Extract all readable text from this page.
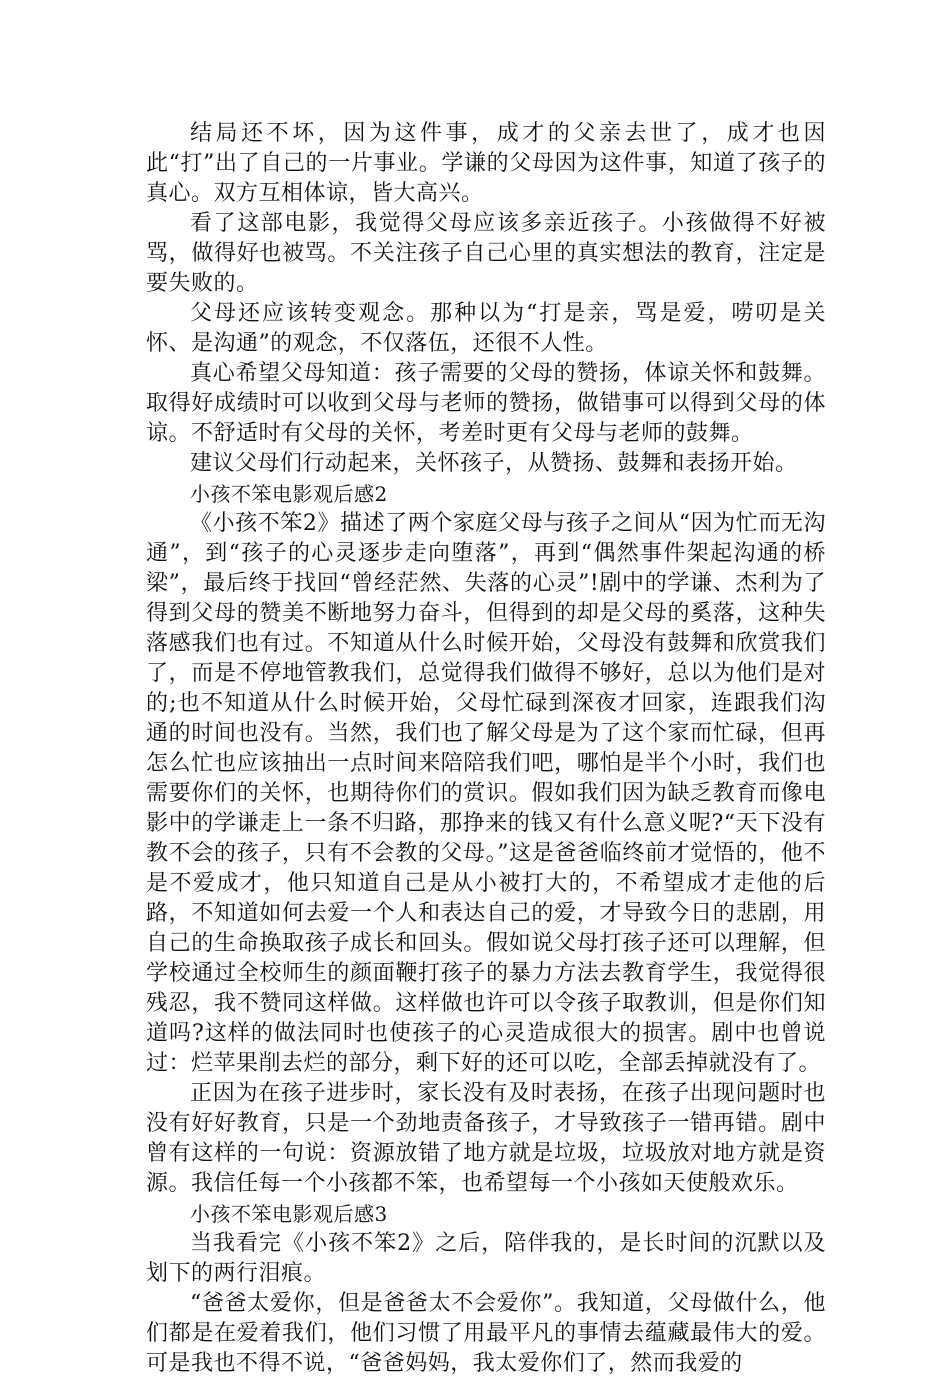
结局还不坏，因为这件事，成才的父亲去世了，成才也因此“打”出了自己的一片事业。学谦的父母因为这件事，知道了孩子的真心。双方互相体谅，皆大高兴。

看了这部电影，我觉得父母应该多亲近孩子。小孩做得不好被骂，做得好也被骂。不关注孩子自己心里的真实想法的教育，注定是要失败的。

父母还应该转变观念。那种以为“打是亲，骂是爱，唠叨是关怀、是沟通”的观念，不仅落伍，还很不人性。

真心希望父母知道：孩子需要的父母的赞扬，体谅关怀和鼓舞。取得好成绩时可以收到父母与老师的赞扬，做错事可以得到父母的体谅。不舒适时有父母的关怀，考差时更有父母与老师的鼓舞。

建议父母们行动起来，关怀孩子，从赞扬、鼓舞和表扬开始。

小孩不笨电影观后感2

《小孩不笨2》描述了两个家庭父母与孩子之间从“因为忙而无沟通”，到“孩子的心灵逐步走向堕落”，再到“偶然事件架起沟通的桥梁”，最后终于找回“曾经茫然、失落的心灵”!剧中的学谦、杰利为了得到父母的赞美不断地努力奋斗，但得到的却是父母的奚落，这种失落感我们也有过。不知道从什么时候开始，父母没有鼓舞和欣赏我们了，而是不停地管教我们，总觉得我们做得不够好，总以为他们是对的;也不知道从什么时候开始，父母忙碌到深夜才回家，连跟我们沟通的时间也没有。当然，我们也了解父母是为了这个家而忙碌，但再怎么忙也应该抽出一点时间来陪陪我们吧，哪怕是半个小时，我们也需要你们的关怀，也期待你们的赏识。假如我们因为缺乏教育而像电影中的学谦走上一条不归路，那挣来的钱又有什么意义呢?“天下没有教不会的孩子，只有不会教的父母。”这是爸爸临终前才觉悟的，他不是不爱成才，他只知道自己是从小被打大的，不希望成才走他的后路，不知道如何去爱一个人和表达自己的爱，才导致今日的悲剧，用自己的生命换取孩子成长和回头。假如说父母打孩子还可以理解，但学校通过全校师生的颜面鞭打孩子的暴力方法去教育学生，我觉得很残忍，我不赞同这样做。这样做也许可以令孩子取教训，但是你们知道吗?这样的做法同时也使孩子的心灵造成很大的损害。剧中也曾说过：烂苹果削去烂的部分，剩下好的还可以吃，全部丢掉就没有了。

正因为在孩子进步时，家长没有及时表扬，在孩子出现问题时也没有好好教育，只是一个劲地责备孩子，才导致孩子一错再错。剧中曾有这样的一句说：资源放错了地方就是垃圾，垃圾放对地方就是资源。我信任每一个小孩都不笨，也希望每一个小孩如天使般欢乐。

小孩不笨电影观后感3

当我看完《小孩不笨2》之后，陪伴我的，是长时间的沉默以及划下的两行泪痕。

“爸爸太爱你，但是爸爸太不会爱你”。我知道，父母做什么，他们都是在爱着我们，他们习惯了用最平凡的事情去蕴藏最伟大的爱。可是我也不得不说，“爸爸妈妈，我太爱你们了，然而我爱的
